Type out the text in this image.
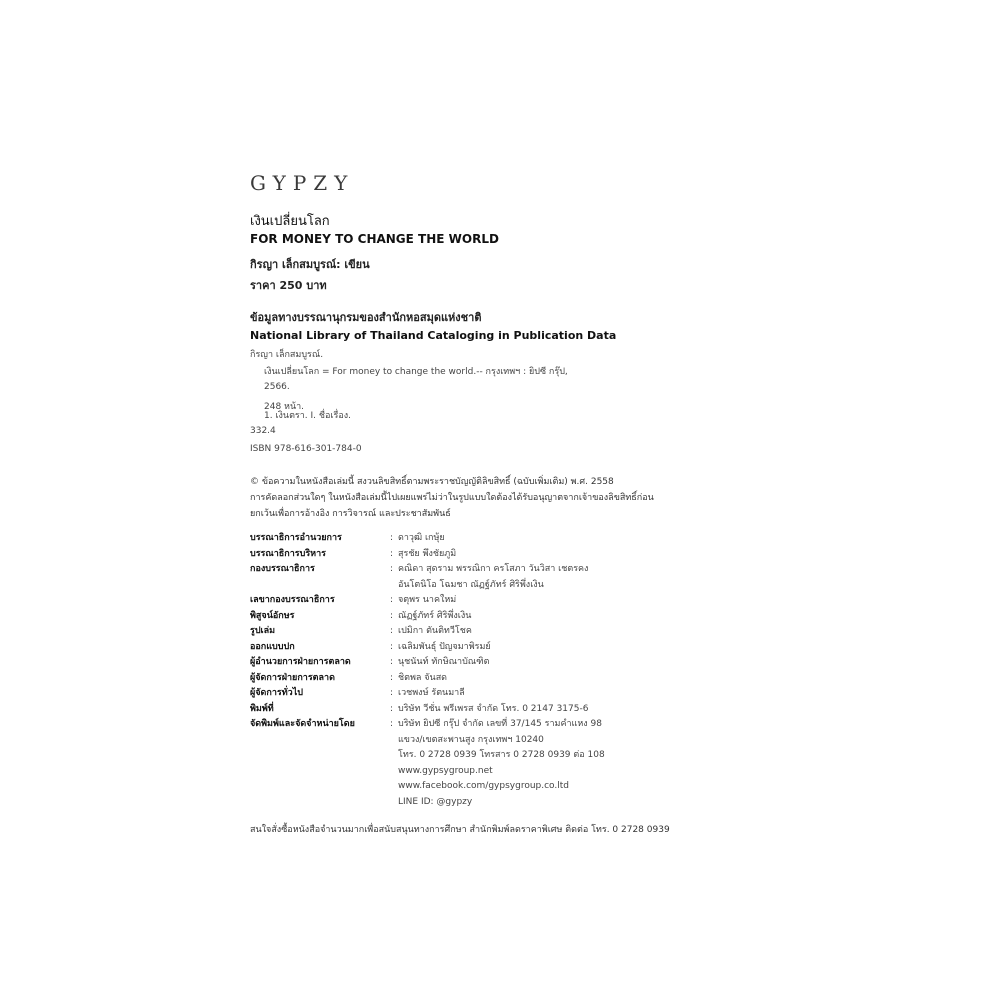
GYPZY
เงินเปลี่ยนโลก
FOR MONEY TO CHANGE THE WORLD
กิรญา เล็กสมบูรณ์: เขียน
ราคา 250 บาท
ข้อมูลทางบรรณานุกรมของสำนักหอสมุดแห่งชาติ
National Library of Thailand Cataloging in Publication Data
กิรญา เล็กสมบูรณ์.
เงินเปลี่ยนโลก = For money to change the world.-- กรุงเทพฯ : ยิปซี กรุ๊ป,
2566.
248 หน้า.
1. เงินตรา. I. ชื่อเรื่อง.
332.4
ISBN 978-616-301-784-0
© ข้อความในหนังสือเล่มนี้ สงวนลิขสิทธิ์ตามพระราชบัญญัติลิขสิทธิ์ (ฉบับเพิ่มเติม) พ.ศ. 2558
การคัดลอกส่วนใดๆ ในหนังสือเล่มนี้ไปเผยแพร่ไม่ว่าในรูปแบบใดต้องได้รับอนุญาตจากเจ้าของลิขสิทธิ์ก่อน
ยกเว้นเพื่อการอ้างอิง การวิจารณ์ และประชาสัมพันธ์
บรรณาธิการอำนวยการ	: ดาวุฒิ เกษุ้ย
บรรณาธิการบริหาร	: สุรชัย พึงชัยภูมิ
กองบรรณาธิการ	: คณิดา สุดราม พรรณิกา ครโสภา วันวิสา เชตรคง
อันโตนิโอ โฉมชา ณัฏฐ์ภัทร์ ศิริพึ่งเงิน
เลขากองบรรณาธิการ	: จตุพร นาคใหม่
พิสูจน์อักษร	: ณัฏฐ์ภัทร์ ศิริพึ่งเงิน
รูปเล่ม	: เปมิกา ตันติทวีโชค
ออกแบบปก	: เฉลิมพันธุ์ ปัญจมาพิรมย์
ผู้อำนวยการฝ่ายการตลาด	: นุชนันท์ ทักษิณาบัณฑิต
ผู้จัดการฝ่ายการตลาด	: ชิตพล จันสด
ผู้จัดการทั่วไป	: เวชพงษ์ รัตนมาลี
พิมพ์ที่	: บริษัท วีชั่น พรีเพรส จำกัด โทร. 0 2147 3175-6
จัดพิมพ์และจัดจำหน่ายโดย	: บริษัท ยิปซี กรุ๊ป จำกัด เลขที่ 37/145 รามคำแหง 98
แขวง/เขตสะพานสูง กรุงเทพฯ 10240
โทร. 0 2728 0939 โทรสาร 0 2728 0939 ต่อ 108
www.gypsygroup.net
www.facebook.com/gypsygroup.co.ltd
LINE ID: @gypzy
สนใจสั่งซื้อหนังสือจำนวนมากเพื่อสนับสนุนทางการศึกษา สำนักพิมพ์ลดราคาพิเศษ ติดต่อ โทร. 0 2728 0939
